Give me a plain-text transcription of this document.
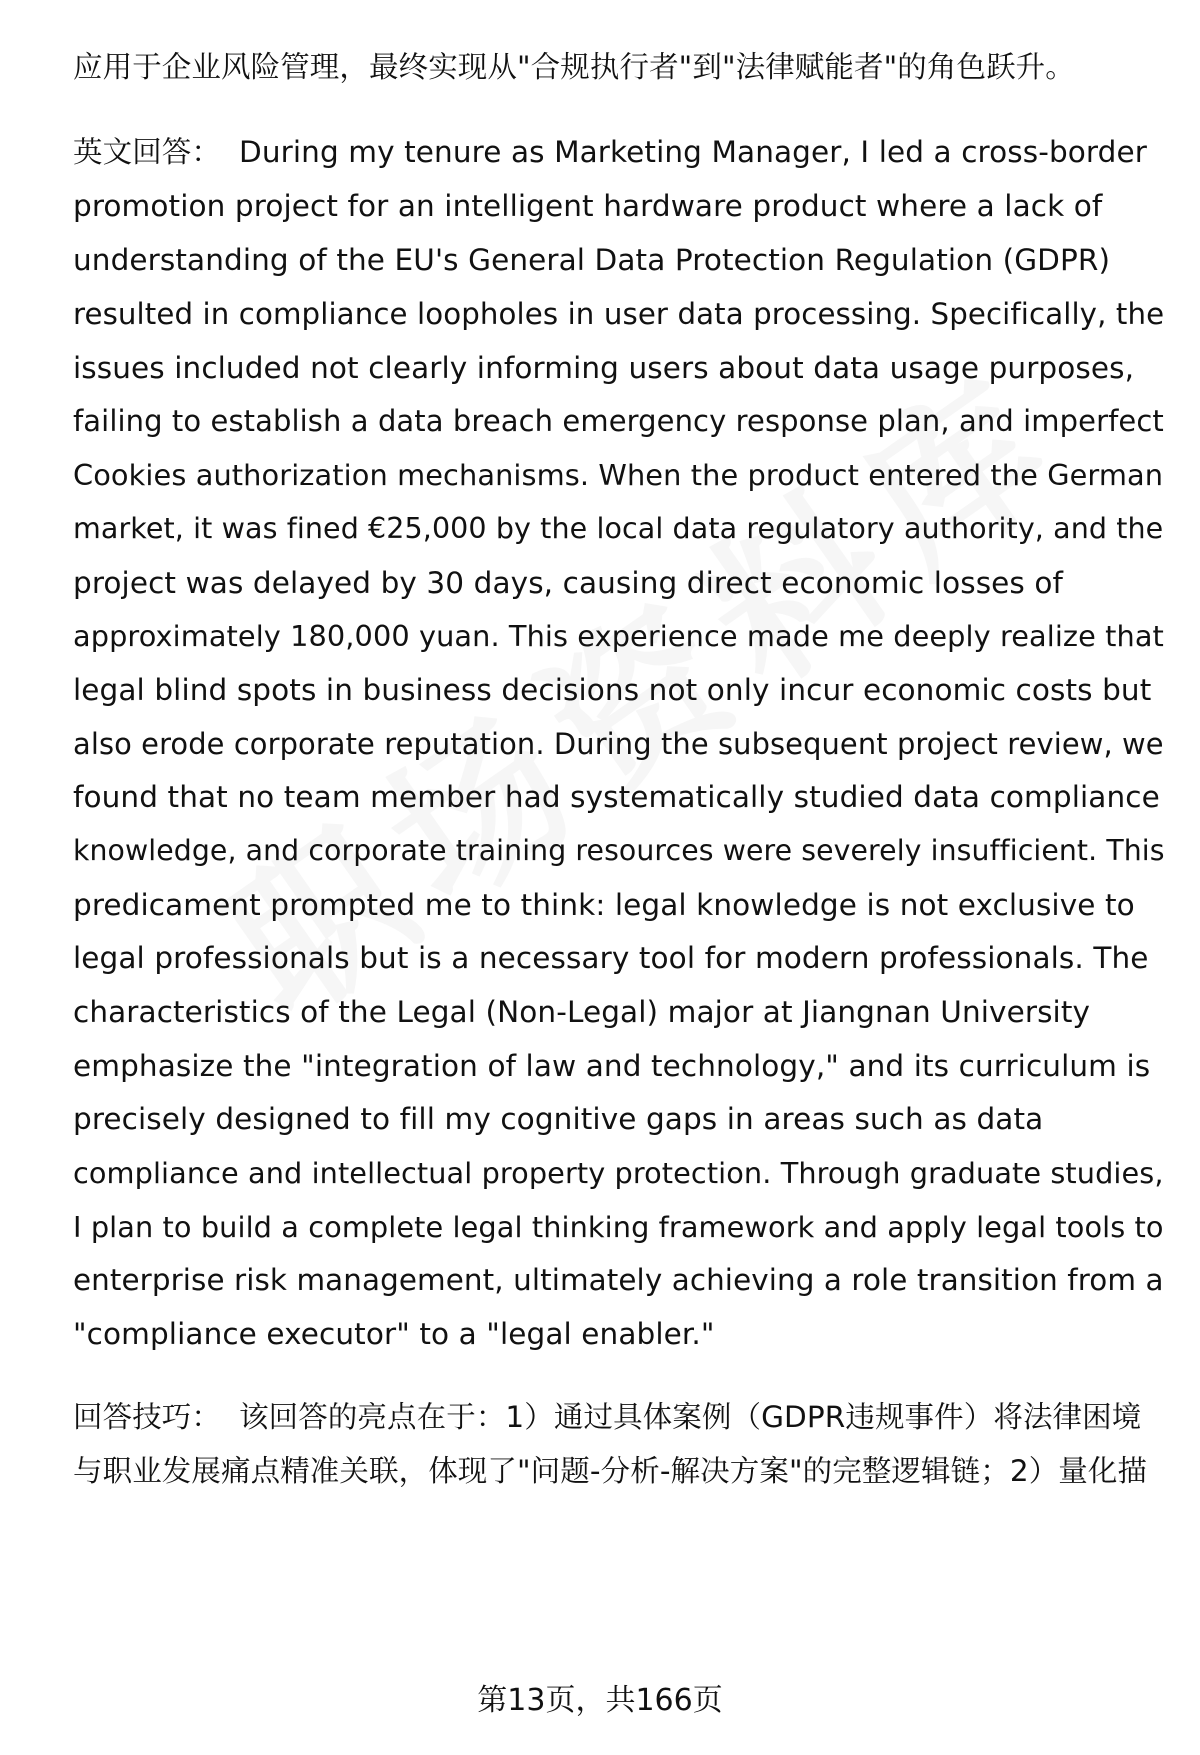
应用于企业风险管理，最终实现从"合规执行者"到"法律赋能者"的角色跃升。
英文回答： During my tenure as Marketing Manager, I led a cross-border
promotion project for an intelligent hardware product where a lack of
understanding of the EU's General Data Protection Regulation (GDPR)
resulted in compliance loopholes in user data processing. Specifically, the
issues included not clearly informing users about data usage purposes,
failing to establish a data breach emergency response plan, and imperfect
Cookies authorization mechanisms. When the product entered the German
market, it was fined €25,000 by the local data regulatory authority, and the
project was delayed by 30 days, causing direct economic losses of
approximately 180,000 yuan. This experience made me deeply realize that
legal blind spots in business decisions not only incur economic costs but
also erode corporate reputation. During the subsequent project review, we
found that no team member had systematically studied data compliance
knowledge, and corporate training resources were severely insufficient. This
predicament prompted me to think: legal knowledge is not exclusive to
legal professionals but is a necessary tool for modern professionals. The
characteristics of the Legal (Non-Legal) major at Jiangnan University
emphasize the "integration of law and technology," and its curriculum is
precisely designed to fill my cognitive gaps in areas such as data
compliance and intellectual property protection. Through graduate studies,
I plan to build a complete legal thinking framework and apply legal tools to
enterprise risk management, ultimately achieving a role transition from a
"compliance executor" to a "legal enabler."
回答技巧： 该回答的亮点在于：1）通过具体案例（GDPR违规事件）将法律困境
与职业发展痛点精准关联，体现了"问题-分析-解决方案"的完整逻辑链；2）量化描
第13页，共166页
